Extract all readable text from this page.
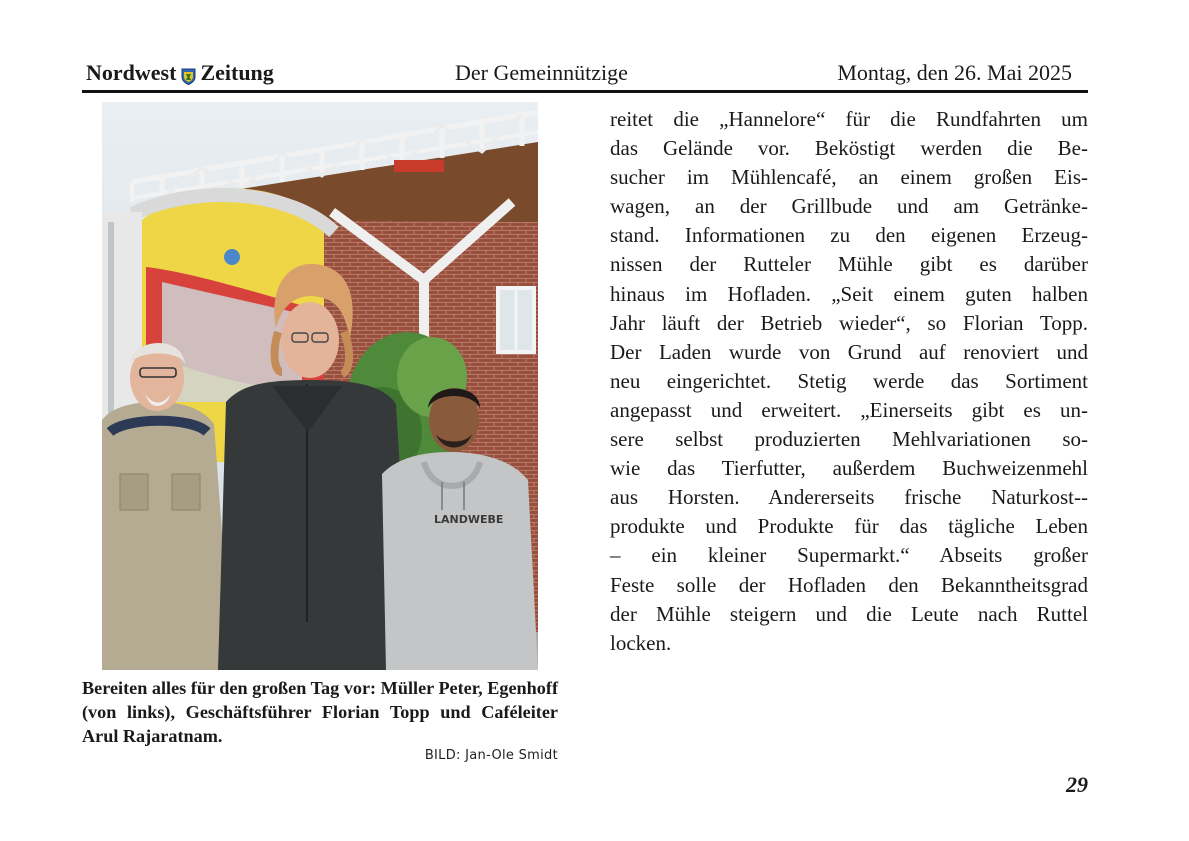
Nordwest Zeitung	Der Gemeinnützige	Montag, den 26. Mai 2025
LANDWEBE
Bereiten alles für den großen Tag vor: Müller Peter, Egenhoff (von links), Geschäftsführer Florian Topp und Caféleiter Arul Rajaratnam.
BILD: Jan-Ole Smidt
reitet die „Hannelore“ für die Rundfahrten um
das Gelände vor. Beköstigt werden die Be-
sucher im Mühlencafé, an einem großen Eis-
wagen, an der Grillbude und am Getränke-
stand. Informationen zu den eigenen Erzeug-
nissen der Rutteler Mühle gibt es darüber
hinaus im Hofladen. „Seit einem guten halben
Jahr läuft der Betrieb wieder“, so Florian Topp.
Der Laden wurde von Grund auf renoviert und
neu eingerichtet. Stetig werde das Sortiment
angepasst und erweitert. „Einerseits gibt es un-
sere selbst produzierten Mehlvariationen so-
wie das Tierfutter, außerdem Buchweizenmehl
aus Horsten. Andererseits frische Naturkost--
produkte und Produkte für das tägliche Leben
– ein kleiner Supermarkt.“ Abseits großer
Feste solle der Hofladen den Bekanntheitsgrad
der Mühle steigern und die Leute nach Ruttel
locken.
29
